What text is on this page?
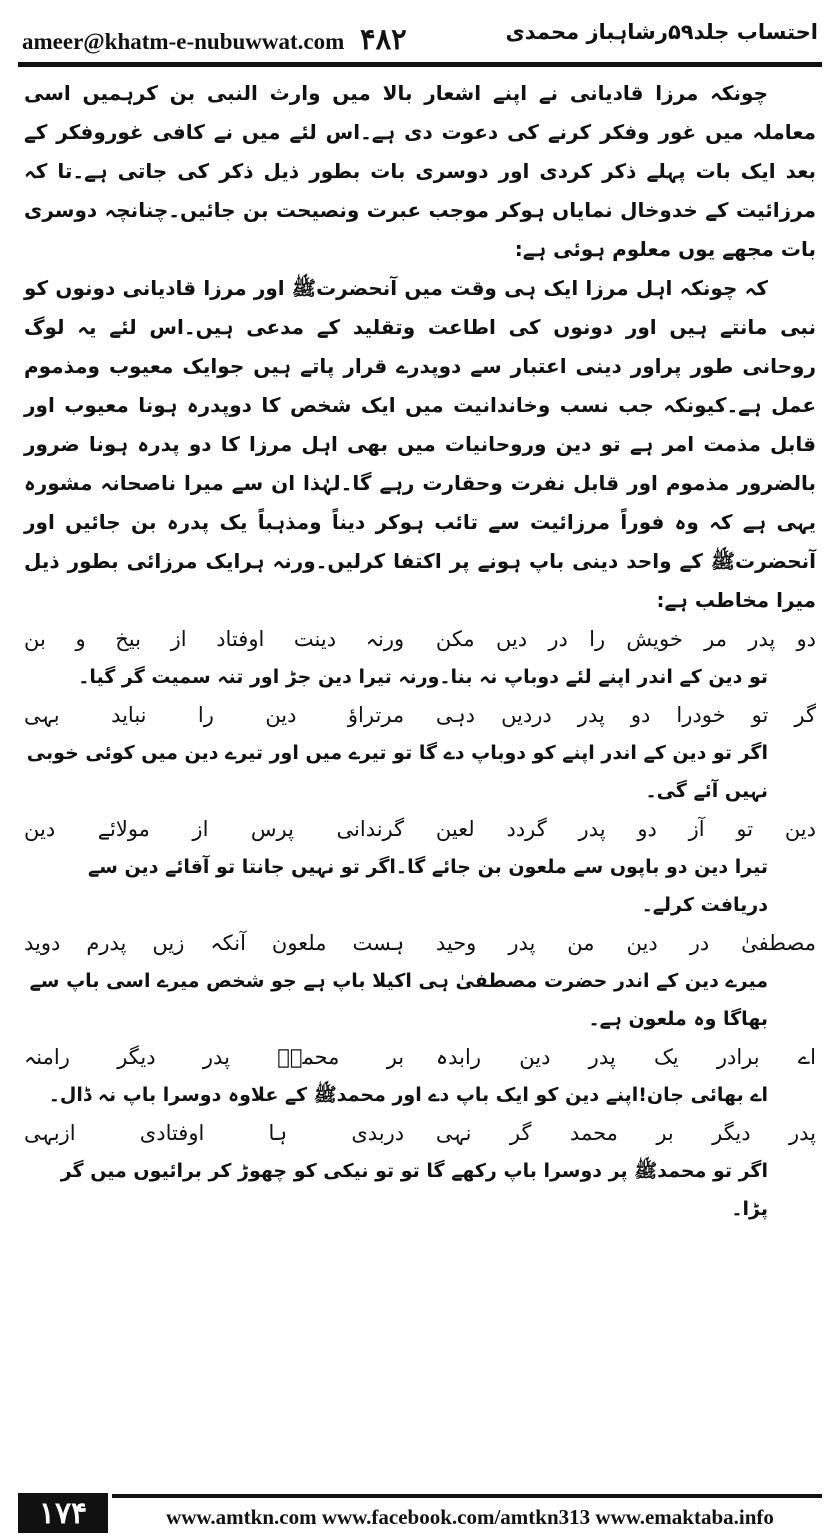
ameer@khatm-e-nubuwwat.com ۴۸۲	احتساب جلد۵۹رشاہباز محمدی

چونکہ مرزا قادیانی نے اپنے اشعار بالا میں وارث النبی بن کرہمیں اسی معاملہ میں غور وفکر کرنے کی دعوت دی ہے۔اس لئے میں نے کافی غوروفکر کے بعد ایک بات پہلے ذکر کردی اور دوسری بات بطور ذیل ذکر کی جاتی ہے۔تا کہ مرزائیت کے خدوخال نمایاں ہوکر موجب عبرت ونصیحت بن جائیں۔چنانچہ دوسری بات مجھے یوں معلوم ہوئی ہے:

کہ چونکہ اہل مرزا ایک ہی وقت میں آنحضرتﷺ اور مرزا قادیانی دونوں کو نبی مانتے ہیں اور دونوں کی اطاعت وتقلید کے مدعی ہیں۔اس لئے یہ لوگ روحانی طور پراور دینی اعتبار سے دوپدرے قرار پاتے ہیں جوایک معیوب ومذموم عمل ہے۔کیونکہ جب نسب وخاندانیت میں ایک شخص کا دوپدرہ ہونا معیوب اور قابل مذمت امر ہے تو دین وروحانیات میں بھی اہل مرزا کا دو پدرہ ہونا ضرور بالضرور مذموم اور قابل نفرت وحقارت رہے گا۔لہٰذا ان سے میرا ناصحانہ مشورہ یہی ہے کہ وہ فوراً مرزائیت سے تائب ہوکر دیناً ومذہباً یک پدرہ بن جائیں اور آنحضرتﷺ کے واحد دینی باپ ہونے پر اکتفا کرلیں۔ورنہ ہرایک مرزائی بطور ذیل میرا مخاطب ہے:

دو پدر مر خویش را در دیں مکن
ورنہ دینت اوفتاد از بیخ و بن

تو دین کے اندر اپنے لئے دوباپ نہ بنا۔ورنہ تیرا دین جڑ اور تنہ سمیت گر گیا۔

گر تو خودرا دو پدر دردیں دہی
مرتراؤ دین را نباید بہی

اگر تو دین کے اندر اپنے کو دوباپ دے گا تو تیرے میں اور تیرے دین میں کوئی خوبی نہیں آئے گی۔

دین تو آز دو پدر گردد لعین
گرندانی پرس از مولائے دین

تیرا دین دو باپوں سے ملعون بن جائے گا۔اگر تو نہیں جانتا تو آقائے دین سے دریافت کرلے۔

مصطفیٰ در دین من پدر وحید
ہست ملعون آنکہ زیں پدرم دوید

میرے دین کے اندر حضرت مصطفیٰ ہی اکیلا باپ ہے جو شخص میرے اسی باپ سے بھاگا وہ ملعون ہے۔

اے برادر یک پدر دین رابدہ
بر محمدؐ پدر دیگر رامنہ

اے بھائی جان!اپنے دین کو ایک باپ دے اور محمدﷺ کے علاوہ دوسرا باپ نہ ڈال۔

پدر دیگر بر محمد گر نہی
دربدی ہا اوفتادی ازبہی

اگر تو محمدﷺ پر دوسرا باپ رکھے گا تو تو نیکی کو چھوڑ کر برائیوں میں گر پڑا۔

۱۷۴	www.amtkn.com www.facebook.com/amtkn313 www.emaktaba.info
